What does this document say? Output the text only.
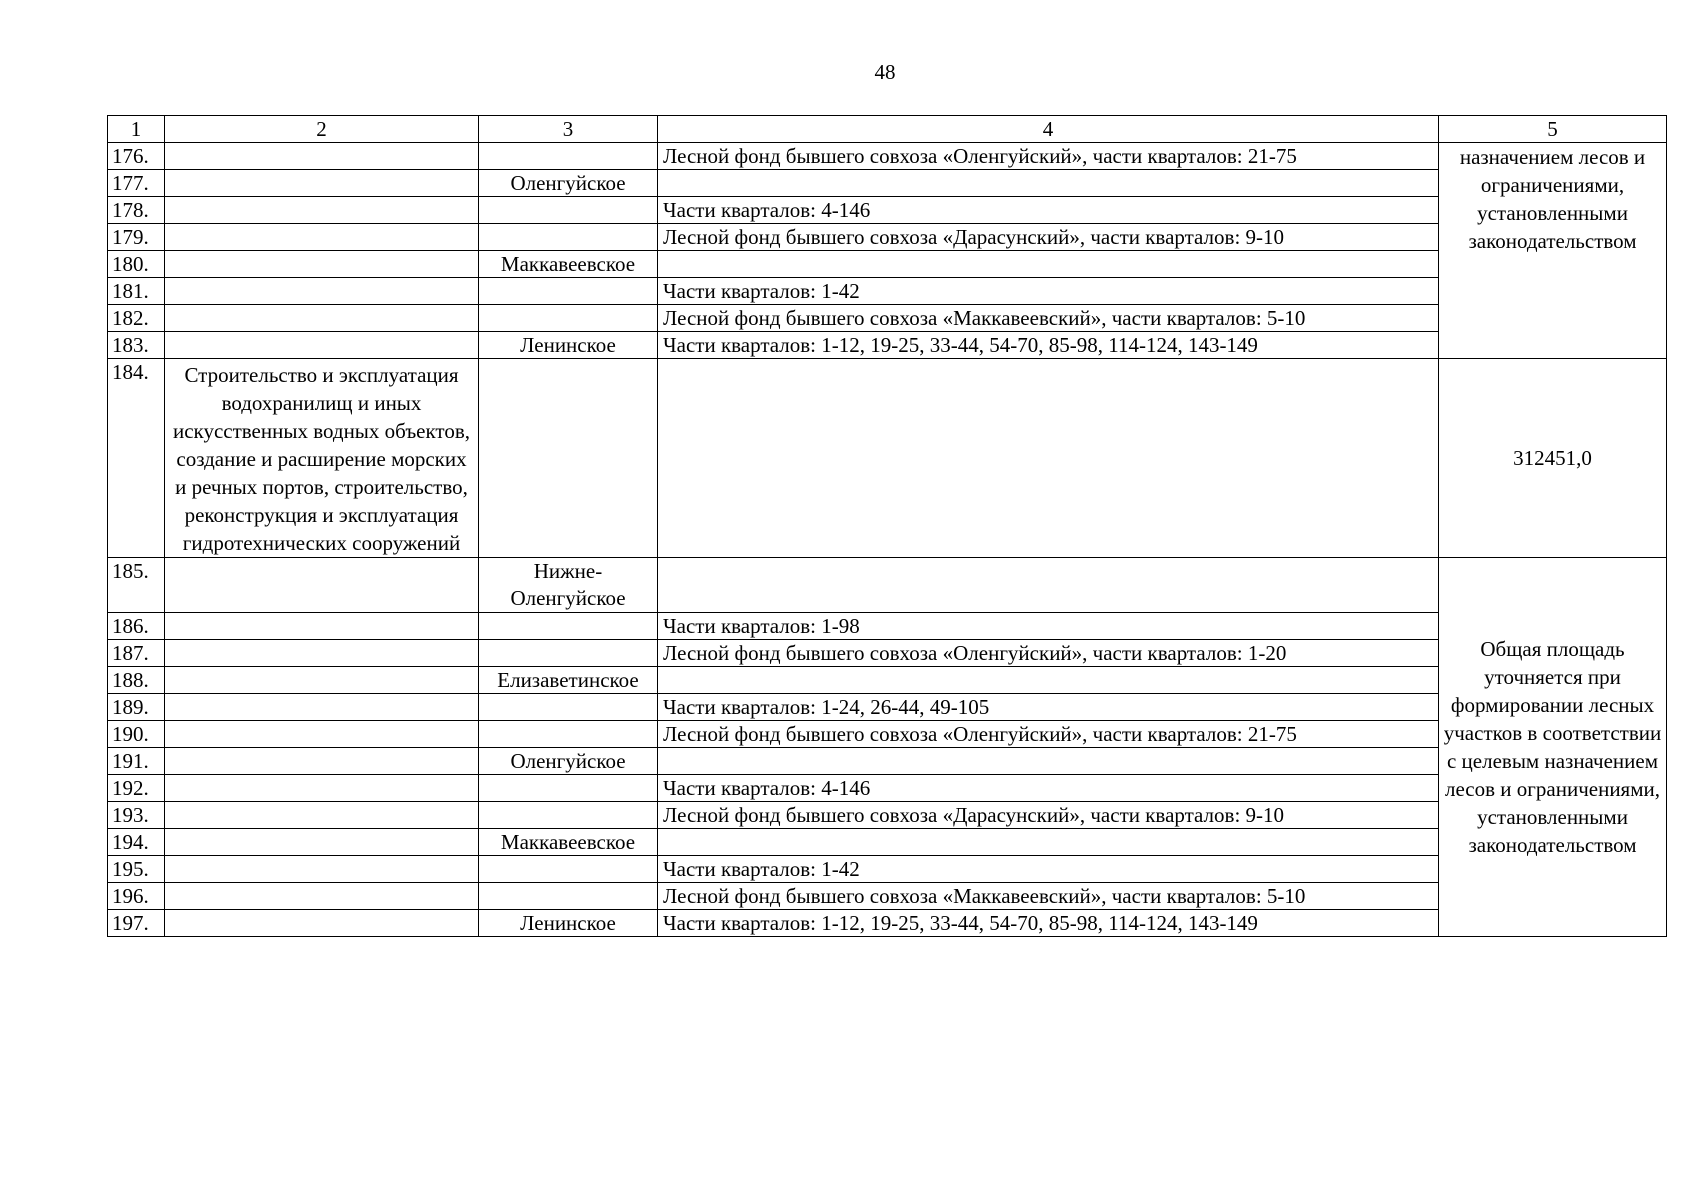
48
1	2	3	4	5
176.			Лесной фонд бывшего совхоза «Оленгуйский», части кварталов: 21-75	назначением лесов и ограничениями, установленными законодательством
177.		Оленгуйское		
178.			Части кварталов: 4-146	
179.			Лесной фонд бывшего совхоза «Дарасунский», части кварталов: 9-10	
180.		Маккавеевское		
181.			Части кварталов: 1-42	
182.			Лесной фонд бывшего совхоза «Маккавеевский», части кварталов: 5-10	
183.		Ленинское	Части кварталов: 1-12, 19-25, 33-44, 54-70, 85-98, 114-124, 143-149	
184.	Строительство и эксплуатация водохранилищ и иных искусственных водных объектов, создание и расширение морских и речных портов, строительство, реконструкция и эксплуатация гидротехнических сооружений			312451,0
185.		Нижне-Оленгуйское		Общая площадь уточняется при формировании лесных участков в соответствии с целевым назначением лесов и ограничениями, установленными законодательством
186.			Части кварталов: 1-98	
187.			Лесной фонд бывшего совхоза «Оленгуйский», части кварталов: 1-20	
188.		Елизаветинское		
189.			Части кварталов: 1-24, 26-44, 49-105	
190.			Лесной фонд бывшего совхоза «Оленгуйский», части кварталов: 21-75	
191.		Оленгуйское		
192.			Части кварталов: 4-146	
193.			Лесной фонд бывшего совхоза «Дарасунский», части кварталов: 9-10	
194.		Маккавеевское		
195.			Части кварталов: 1-42	
196.			Лесной фонд бывшего совхоза «Маккавеевский», части кварталов: 5-10	
197.		Ленинское	Части кварталов: 1-12, 19-25, 33-44, 54-70, 85-98, 114-124, 143-149	
